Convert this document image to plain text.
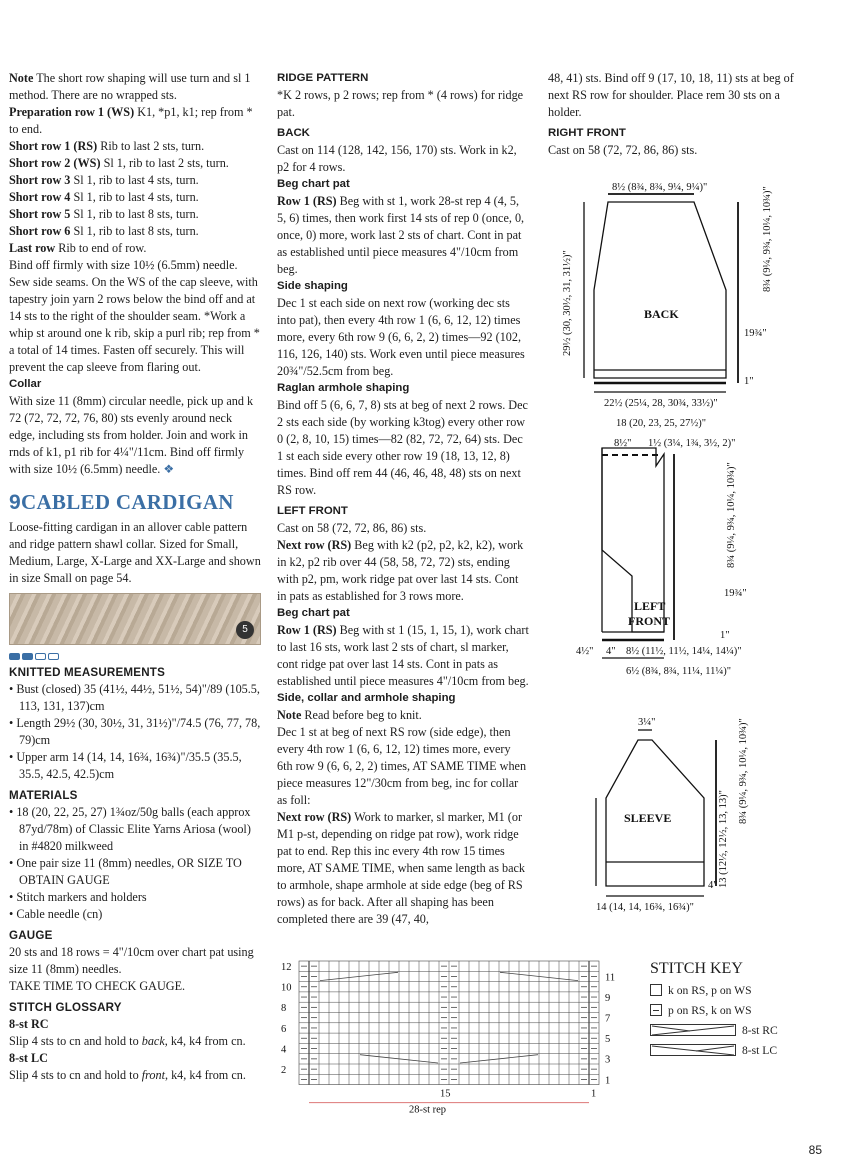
Note The short row shaping will use turn and sl 1 method. There are no wrapped sts.

Preparation row 1 (WS) K1, *p1, k1; rep from * to end.

Short row 1 (RS) Rib to last 2 sts, turn.

Short row 2 (WS) Sl 1, rib to last 2 sts, turn.

Short row 3 Sl 1, rib to last 4 sts, turn.

Short row 4 Sl 1, rib to last 4 sts, turn.

Short row 5 Sl 1, rib to last 8 sts, turn.

Short row 6 Sl 1, rib to last 8 sts, turn.

Last row Rib to end of row.

Bind off firmly with size 10½ (6.5mm) needle. Sew side seams. On the WS of the cap sleeve, with tapestry join yarn 2 rows below the bind off and at 14 sts to the right of the shoulder seam. *Work a whip st around one k rib, skip a purl rib; rep from * a total of 14 times. Fasten off securely. This will prevent the cap sleeve from flaring out.

Collar

With size 11 (8mm) circular needle, pick up and k 72 (72, 72, 72, 76, 80) sts evenly around neck edge, including sts from holder. Join and work in rnds of k1, p1 rib for 4¼"/11cm. Bind off firmly with size 10½ (6.5mm) needle. ❖

9CABLED CARDIGAN

Loose-fitting cardigan in an allover cable pattern and ridge pattern shawl collar. Sized for Small, Medium, Large, X-Large and XX-Large and shown in size Small on page 54.

5

KNITTED MEASUREMENTS

• Bust (closed) 35 (41½, 44½, 51½, 54)"/89 (105.5, 113, 131, 137)cm

• Length 29½ (30, 30½, 31, 31½)"/74.5 (76, 77, 78, 79)cm

• Upper arm 14 (14, 14, 16¾, 16¾)"/35.5 (35.5, 35.5, 42.5, 42.5)cm

MATERIALS

• 18 (20, 22, 25, 27) 1¾oz/50g balls (each approx 87yd/78m) of Classic Elite Yarns Ariosa (wool) in #4820 milkweed

• One pair size 11 (8mm) needles, OR SIZE TO OBTAIN GAUGE

• Stitch markers and holders

• Cable needle (cn)

GAUGE

20 sts and 18 rows = 4"/10cm over chart pat using size 11 (8mm) needles.

TAKE TIME TO CHECK GAUGE.

STITCH GLOSSARY

8-st RC

Slip 4 sts to cn and hold to back, k4, k4 from cn.

8-st LC

Slip 4 sts to cn and hold to front, k4, k4 from cn.

RIDGE PATTERN

*K 2 rows, p 2 rows; rep from * (4 rows) for ridge pat.

BACK

Cast on 114 (128, 142, 156, 170) sts. Work in k2, p2 for 4 rows.

Beg chart pat

Row 1 (RS) Beg with st 1, work 28-st rep 4 (4, 5, 5, 6) times, then work first 14 sts of rep 0 (once, 0, once, 0) more, work last 2 sts of chart. Cont in pat as established until piece measures 4"/10cm from beg.

Side shaping

Dec 1 st each side on next row (working dec sts into pat), then every 4th row 1 (6, 6, 12, 12) times more, every 6th row 9 (6, 6, 2, 2) times—92 (102, 116, 126, 140) sts. Work even until piece measures 20¾"/52.5cm from beg.

Raglan armhole shaping

Bind off 5 (6, 6, 7, 8) sts at beg of next 2 rows. Dec 2 sts each side (by working k3tog) every other row 0 (2, 8, 10, 15) times—82 (82, 72, 72, 64) sts. Dec 1 st each side every other row 19 (18, 13, 12, 8) times. Bind off rem 44 (46, 46, 48, 48) sts on next RS row.

LEFT FRONT

Cast on 58 (72, 72, 86, 86) sts.

Next row (RS) Beg with k2 (p2, p2, k2, k2), work in k2, p2 rib over 44 (58, 58, 72, 72) sts, ending with p2, pm, work ridge pat over last 14 sts. Cont in pats as established for 3 rows more.

Beg chart pat

Row 1 (RS) Beg with st 1 (15, 1, 15, 1), work chart to last 16 sts, work last 2 sts of chart, sl marker, cont ridge pat over last 14 sts. Cont in pats as established until piece measures 4"/10cm from beg.

Side, collar and armhole shaping

Note Read before beg to knit.

Dec 1 st at beg of next RS row (side edge), then every 4th row 1 (6, 6, 12, 12) times more, every 6th row 9 (6, 6, 2, 2) times, AT SAME TIME when piece measures 12"/30cm from beg, inc for collar as foll:

Next row (RS) Work to marker, sl marker, M1 (or M1 p-st, depending on ridge pat row), work ridge pat to end. Rep this inc every 4th row 15 times more, AT SAME TIME, when same length as back to armhole, shape armhole at side edge (beg of RS rows) as for back. After all shaping has been completed there are 39 (47, 40,

48, 41) sts. Bind off 9 (17, 10, 18, 11) sts at beg of next RS row for shoulder. Place rem 30 sts on a holder.

RIGHT FRONT

Cast on 58 (72, 72, 86, 86) sts.

8½ (8¾, 8¾, 9¼, 9¼)"
29½ (30, 30½, 31, 31½)"
8¾ (9¼, 9¾, 10¼, 10¾)"
19¾"
1"
22½ (25¼, 28, 30¾, 33½)"
18 (20, 23, 25, 27½)"
BACK
8½" 1½ (3¼, 1¾, 3½, 2)"
8¾ (9¼, 9¾, 10¼, 10¾)"
19¾"
1"
LEFT
FRONT
4½" 4" 8½ (11½, 11½, 14¼, 14¼)"
6½ (8¾, 8¾, 11¼, 11¼)"
3¼"	8¾ (9¼, 9¾, 10¼, 10¾)"
13 (12½, 12½, 13, 13)"
4"
SLEEVE
14 (14, 14, 16¾, 16¾)"
12
10
8
6
4
2
11
9
7
5
3
1
15	1
28-st rep
STITCH KEY
k on RS, p on WS
p on RS, k on WS
8-st RC
8-st LC
85
